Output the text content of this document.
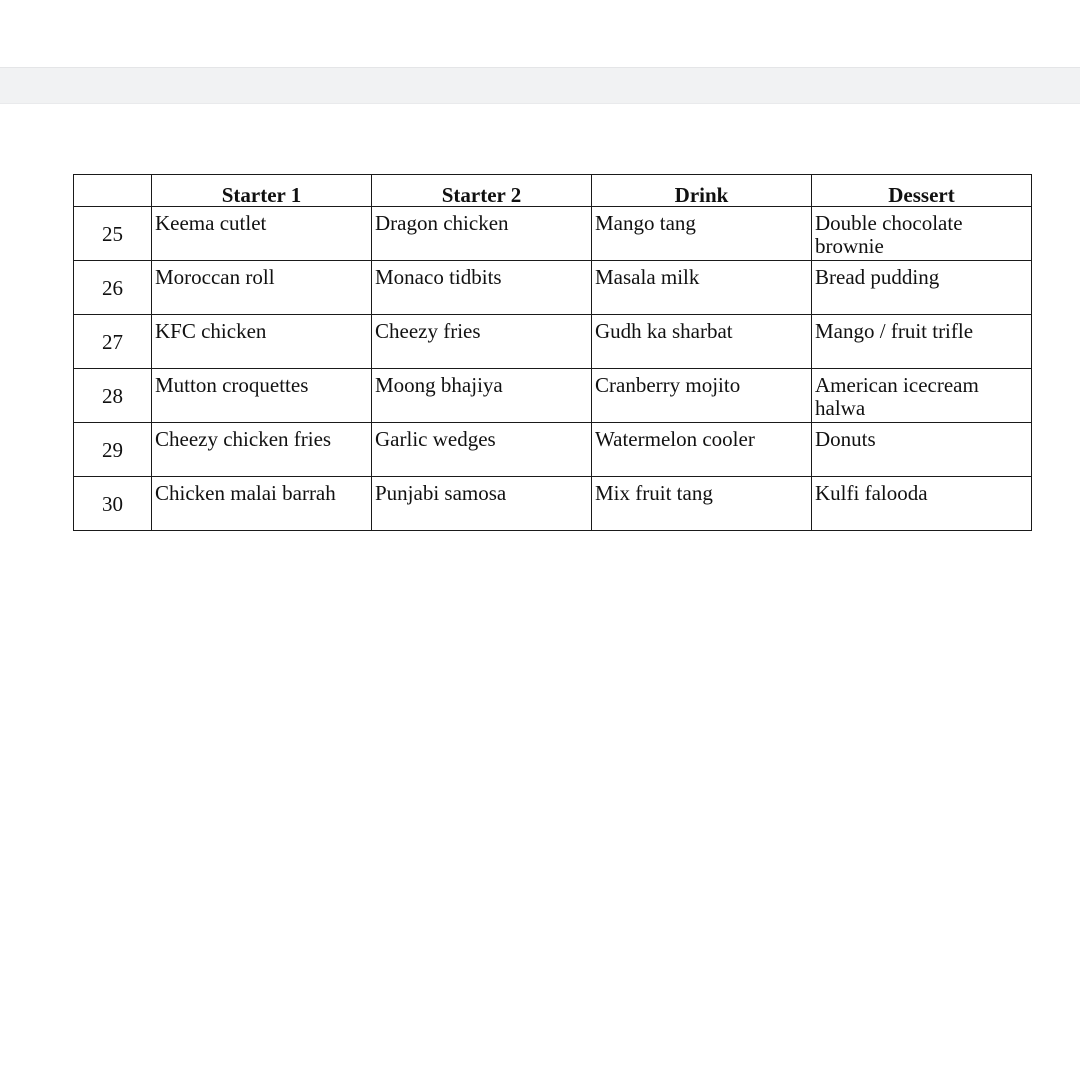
	Starter 1	Starter 2	Drink	Dessert
25	Keema cutlet	Dragon chicken	Mango tang	Double chocolate brownie
26	Moroccan roll	Monaco tidbits	Masala milk	Bread pudding
27	KFC chicken	Cheezy fries	Gudh ka sharbat	Mango / fruit trifle
28	Mutton croquettes	Moong bhajiya	Cranberry mojito	American icecream halwa
29	Cheezy chicken fries	Garlic wedges	Watermelon cooler	Donuts
30	Chicken malai barrah	Punjabi samosa	Mix fruit tang	Kulfi falooda
